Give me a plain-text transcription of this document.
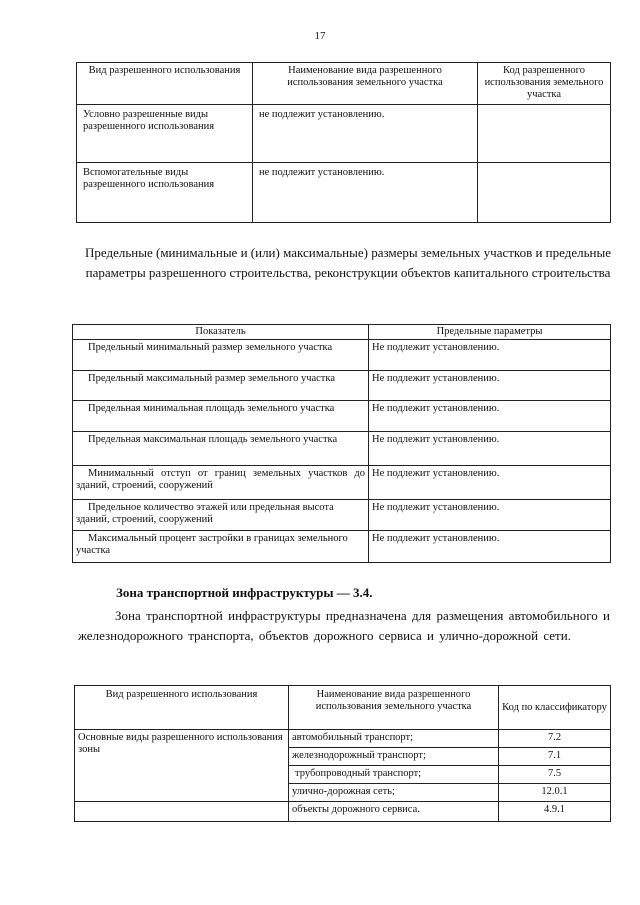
17
Вид разрешенного использования	Наименование вида разрешенного использования земельного участка	Код разрешенного использования земельного участка
Условно разрешенные виды разрешенного использования	не подлежит установлению.	
Вспомогательные виды разрешенного использования	не подлежит установлению.	
Предельные (минимальные и (или) максимальные) размеры земельных участков и предельные параметры разрешенного строительства, реконструкции объектов капитального строительства
Показатель	Предельные параметры
Предельный минимальный размер земельного участка	Не подлежит установлению.
Предельный максимальный размер земельного участка	Не подлежит установлению.
Предельная минимальная площадь земельного участка	Не подлежит установлению.
Предельная максимальная площадь земельного участка	Не подлежит установлению.
Минимальный отступ от границ земельных участков до зданий, строений, сооружений	Не подлежит установлению.
Предельное количество этажей или предельная высота зданий, строений, сооружений	Не подлежит установлению.
Максимальный процент застройки в границах земельного участка	Не подлежит установлению.
Зона транспортной инфраструктуры — 3.4.
Зона транспортной инфраструктуры предназначена для размещения автомобильного и железнодорожного транспорта, объектов дорожного сервиса и улично-дорожной сети.
Вид разрешенного использования	Наименование вида разрешенного использования земельного участка	Код по классификатору
Основные виды разрешенного использования зоны	автомобильный транспорт;	7.2
	железнодорожный транспорт;	7.1
	трубопроводный транспорт;	7.5
	улично-дорожная сеть;	12.0.1
	объекты дорожного сервиса.	4.9.1
